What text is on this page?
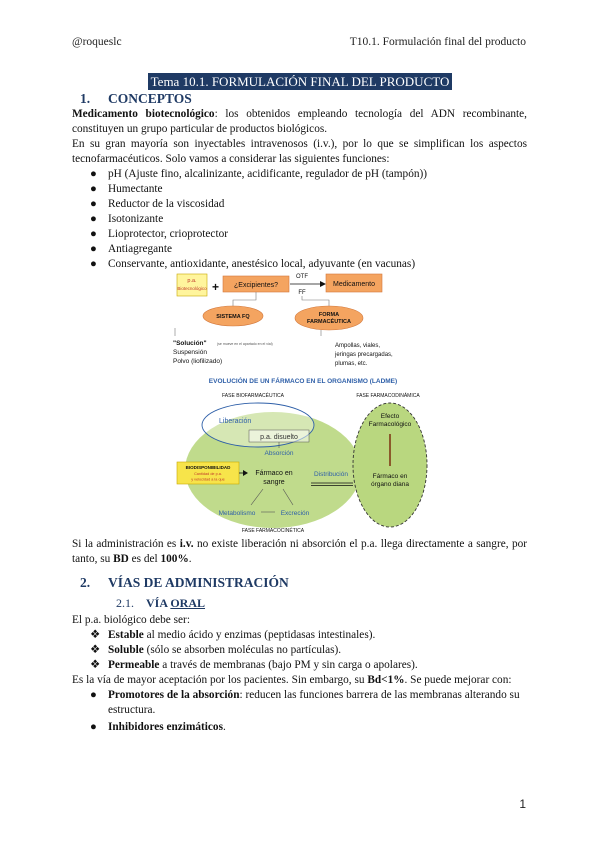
@roqueslc	T10.1. Formulación final del producto
Tema 10.1. FORMULACIÓN FINAL DEL PRODUCTO
1. CONCEPTOS
Medicamento biotecnológico: los obtenidos empleando tecnología del ADN recombinante, constituyen un grupo particular de productos biológicos.
En su gran mayoría son inyectables intravenosos (i.v.), por lo que se simplifican los aspectos tecnofarmacéuticos. Solo vamos a considerar las siguientes funciones:
● pH (Ajuste fino, alcalinizante, acidificante, regulador de pH (tampón))
● Humectante
● Reductor de la viscosidad
● Isotonizante
● Lioprotector, crioprotector
● Antiagregante
● Conservante, antioxidante, anestésico local, adyuvante (en vacunas)
p.a.
Biotecnológico + ¿Excipientes?
OTF
FF
Medicamento
SISTEMA FQ	FORMA
FARMACÉUTICA
"Solución"	(se mueve en el apartado en el vial)
Suspensión
Polvo (liofilizado)
Ampollas, viales,
jeringas precargadas,
plumas, etc.
EVOLUCIÓN DE UN FÁRMACO EN EL ORGANISMO (LADME)
FASE BIOFARMACÉUTICA	FASE FARMACODINÁMICA
Liberación
p.a. disuelto
Absorción
BIODISPONIBILIDAD
Cantidad de p.a.
y velocidad a la que
Fármaco en
sangre
Distribución
Efecto
Farmacológico
Fármaco en
órgano diana
Metabolismo	Excreción
FASE FARMACOCINÉTICA
Si la administración es i.v. no existe liberación ni absorción el p.a. llega directamente a sangre, por tanto, su BD es del 100%.
2. VÍAS DE ADMINISTRACIÓN
2.1. VÍA ORAL
El p.a. biológico debe ser:
❖ Estable al medio ácido y enzimas (peptidasas intestinales).
❖ Soluble (sólo se absorben moléculas no partículas).
❖ Permeable a través de membranas (bajo PM y sin carga o apolares).
Es la vía de mayor aceptación por los pacientes. Sin embargo, su Bd<1%. Se puede mejorar con:
● Promotores de la absorción: reducen las funciones barrera de las membranas alterando su estructura.
● Inhibidores enzimáticos.
1
